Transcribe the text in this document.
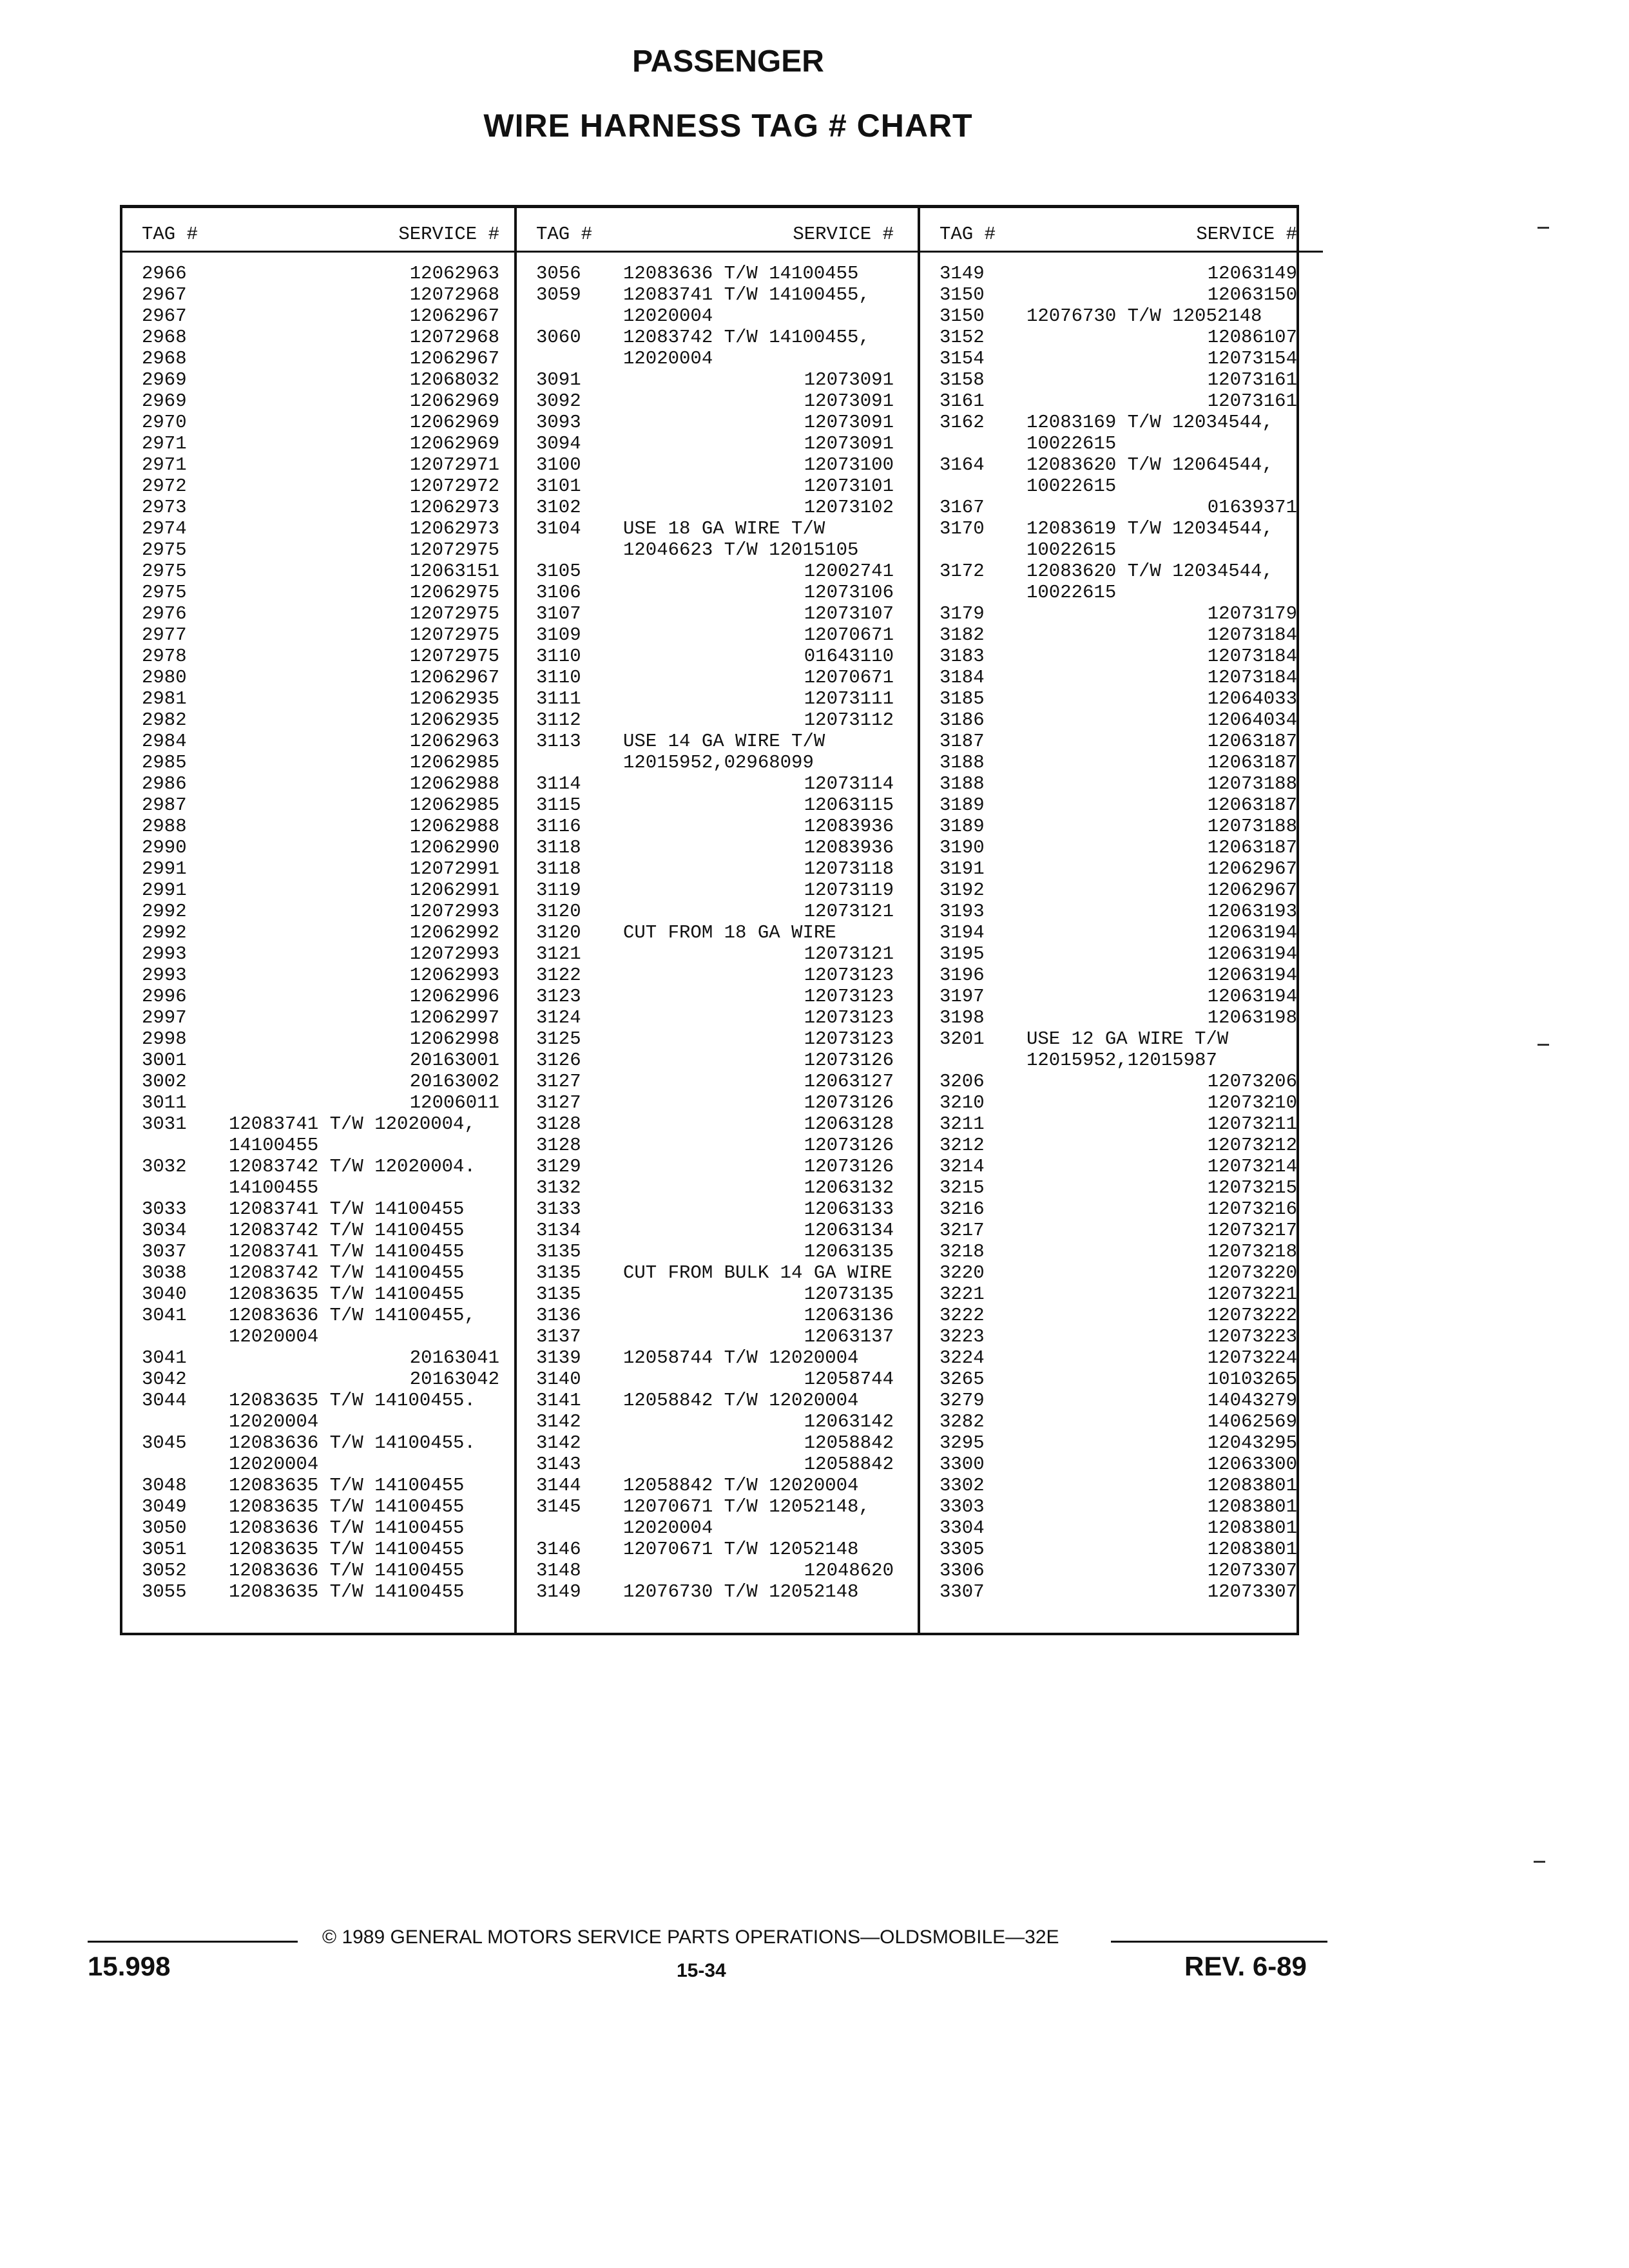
PASSENGER
WIRE HARNESS TAG # CHART
TAG #	SERVICE #
2966	12062963
2967	12072968
2967	12062967
2968	12072968
2968	12062967
2969	12068032
2969	12062969
2970	12062969
2971	12062969
2971	12072971
2972	12072972
2973	12062973
2974	12062973
2975	12072975
2975	12063151
2975	12062975
2976	12072975
2977	12072975
2978	12072975
2980	12062967
2981	12062935
2982	12062935
2984	12062963
2985	12062985
2986	12062988
2987	12062985
2988	12062988
2990	12062990
2991	12072991
2991	12062991
2992	12072993
2992	12062992
2993	12072993
2993	12062993
2996	12062996
2997	12062997
2998	12062998
3001	20163001
3002	20163002
3011	12006011
3031 12083741 T/W 12020004,
14100455
3032 12083742 T/W 12020004.
14100455
3033 12083741 T/W 14100455
3034 12083742 T/W 14100455
3037 12083741 T/W 14100455
3038 12083742 T/W 14100455
3040 12083635 T/W 14100455
3041 12083636 T/W 14100455,
12020004
3041	20163041
3042	20163042
3044 12083635 T/W 14100455.
12020004
3045 12083636 T/W 14100455.
12020004
3048 12083635 T/W 14100455
3049 12083635 T/W 14100455
3050 12083636 T/W 14100455
3051 12083635 T/W 14100455
3052 12083636 T/W 14100455
3055 12083635 T/W 14100455
TAG #	SERVICE #
3056 12083636 T/W 14100455
3059 12083741 T/W 14100455,
12020004
3060 12083742 T/W 14100455,
12020004
3091	12073091
3092	12073091
3093	12073091
3094	12073091
3100	12073100
3101	12073101
3102	12073102
3104 USE 18 GA WIRE T/W
12046623 T/W 12015105
3105	12002741
3106	12073106
3107	12073107
3109	12070671
3110	01643110
3110	12070671
3111	12073111
3112	12073112
3113 USE 14 GA WIRE T/W
12015952,02968099
3114	12073114
3115	12063115
3116	12083936
3118	12083936
3118	12073118
3119	12073119
3120	12073121
3120 CUT FROM 18 GA WIRE
3121	12073121
3122	12073123
3123	12073123
3124	12073123
3125	12073123
3126	12073126
3127	12063127
3127	12073126
3128	12063128
3128	12073126
3129	12073126
3132	12063132
3133	12063133
3134	12063134
3135	12063135
3135 CUT FROM BULK 14 GA WIRE
3135	12073135
3136	12063136
3137	12063137
3139 12058744 T/W 12020004
3140	12058744
3141 12058842 T/W 12020004
3142	12063142
3142	12058842
3143	12058842
3144 12058842 T/W 12020004
3145 12070671 T/W 12052148,
12020004
3146 12070671 T/W 12052148
3148	12048620
3149 12076730 T/W 12052148
TAG #	SERVICE #
3149	12063149
3150	12063150
3150 12076730 T/W 12052148
3152	12086107
3154	12073154
3158	12073161
3161	12073161
3162 12083169 T/W 12034544,
10022615
3164 12083620 T/W 12064544,
10022615
3167	01639371
3170 12083619 T/W 12034544,
10022615
3172 12083620 T/W 12034544,
10022615
3179	12073179
3182	12073184
3183	12073184
3184	12073184
3185	12064033
3186	12064034
3187	12063187
3188	12063187
3188	12073188
3189	12063187
3189	12073188
3190	12063187
3191	12062967
3192	12062967
3193	12063193
3194	12063194
3195	12063194
3196	12063194
3197	12063194
3198	12063198
3201 USE 12 GA WIRE T/W
12015952,12015987
3206	12073206
3210	12073210
3211	12073211
3212	12073212
3214	12073214
3215	12073215
3216	12073216
3217	12073217
3218	12073218
3220	12073220
3221	12073221
3222	12073222
3223	12073223
3224	12073224
3265	10103265
3279	14043279
3282	14062569
3295	12043295
3300	12063300
3302	12083801
3303	12083801
3304	12083801
3305	12083801
3306	12073307
3307	12073307
© 1989 GENERAL MOTORS SERVICE PARTS OPERATIONS—OLDSMOBILE—32E
15.998	15-34	REV. 6-89
